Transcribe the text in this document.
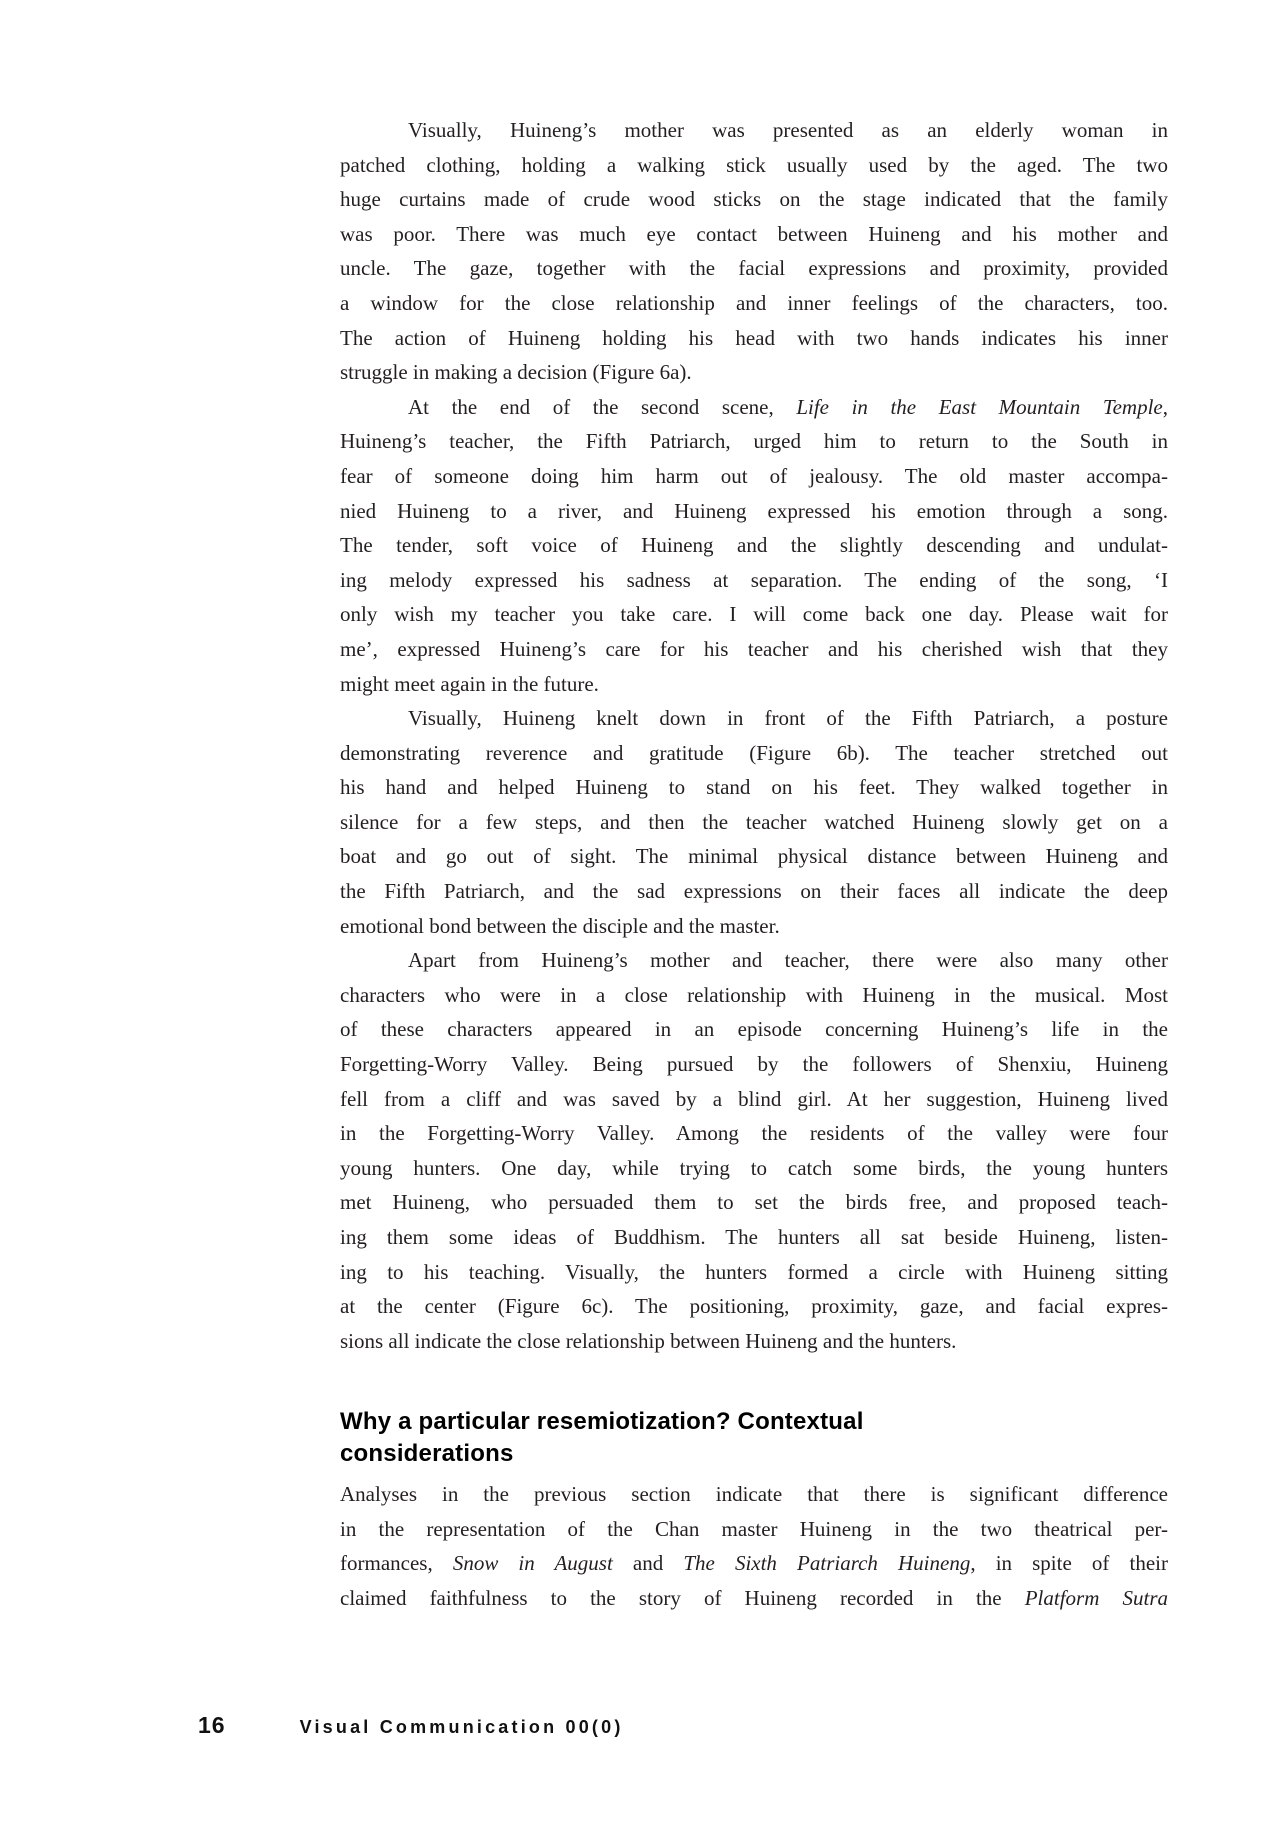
Visually, Huineng’s mother was presented as an elderly woman in
patched clothing, holding a walking stick usually used by the aged. The two
huge curtains made of crude wood sticks on the stage indicated that the family
was poor. There was much eye contact between Huineng and his mother and
uncle. The gaze, together with the facial expressions and proximity, provided
a window for the close relationship and inner feelings of the characters, too.
The action of Huineng holding his head with two hands indicates his inner
struggle in making a decision (Figure 6a).
At the end of the second scene, Life in the East Mountain Temple,
Huineng’s teacher, the Fifth Patriarch, urged him to return to the South in
fear of someone doing him harm out of jealousy. The old master accompa-
nied Huineng to a river, and Huineng expressed his emotion through a song.
The tender, soft voice of Huineng and the slightly descending and undulat-
ing melody expressed his sadness at separation. The ending of the song, ‘I
only wish my teacher you take care. I will come back one day. Please wait for
me’, expressed Huineng’s care for his teacher and his cherished wish that they
might meet again in the future.
Visually, Huineng knelt down in front of the Fifth Patriarch, a posture
demonstrating reverence and gratitude (Figure 6b). The teacher stretched out
his hand and helped Huineng to stand on his feet. They walked together in
silence for a few steps, and then the teacher watched Huineng slowly get on a
boat and go out of sight. The minimal physical distance between Huineng and
the Fifth Patriarch, and the sad expressions on their faces all indicate the deep
emotional bond between the disciple and the master.
Apart from Huineng’s mother and teacher, there were also many other
characters who were in a close relationship with Huineng in the musical. Most
of these characters appeared in an episode concerning Huineng’s life in the
Forgetting-Worry Valley. Being pursued by the followers of Shenxiu, Huineng
fell from a cliff and was saved by a blind girl. At her suggestion, Huineng lived
in the Forgetting-Worry Valley. Among the residents of the valley were four
young hunters. One day, while trying to catch some birds, the young hunters
met Huineng, who persuaded them to set the birds free, and proposed teach-
ing them some ideas of Buddhism. The hunters all sat beside Huineng, listen-
ing to his teaching. Visually, the hunters formed a circle with Huineng sitting
at the center (Figure 6c). The positioning, proximity, gaze, and facial expres-
sions all indicate the close relationship between Huineng and the hunters.
Why a particular resemiotization? Contextual
considerations
Analyses in the previous section indicate that there is significant difference
in the representation of the Chan master Huineng in the two theatrical per-
formances, Snow in August and The Sixth Patriarch Huineng, in spite of their
claimed faithfulness to the story of Huineng recorded in the Platform Sutra
16	Visual Communication 00(0)
